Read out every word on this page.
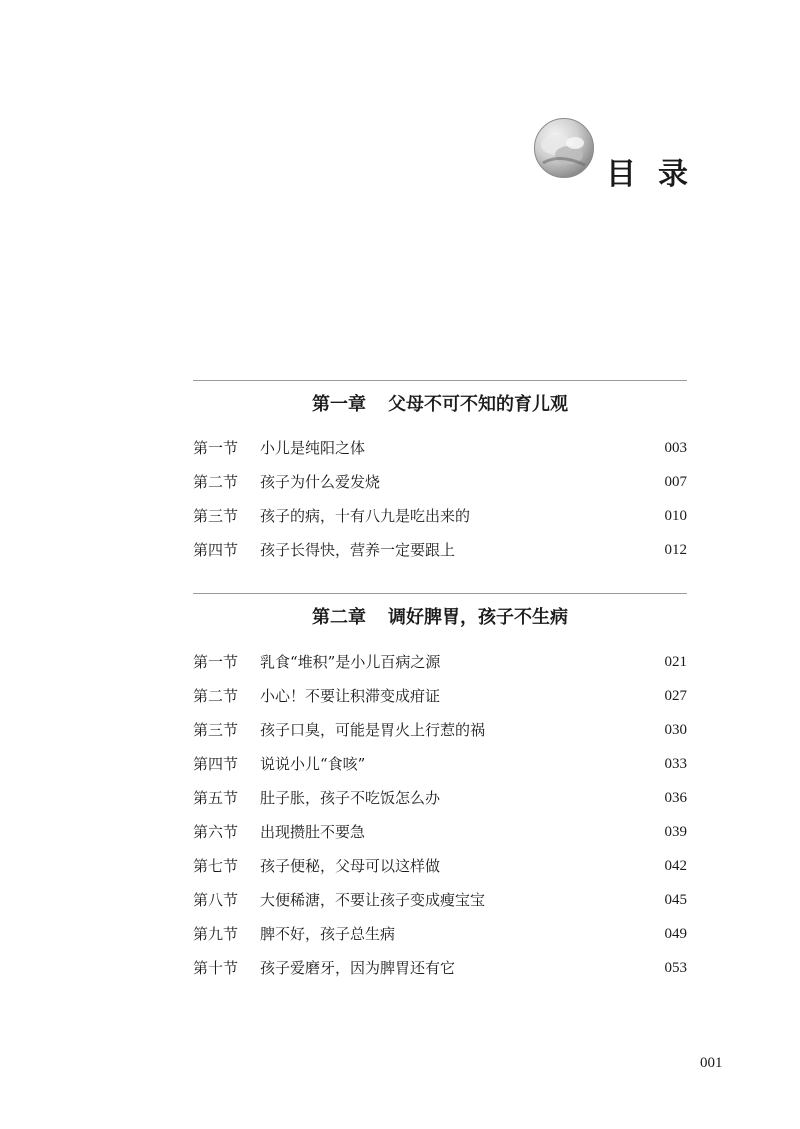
目录
第一章 父母不可不知的育儿观
第一节 小儿是纯阳之体	003
第二节 孩子为什么爱发烧	007
第三节 孩子的病，十有八九是吃出来的	010
第四节 孩子长得快，营养一定要跟上	012
第二章 调好脾胃，孩子不生病
第一节 乳食“堆积”是小儿百病之源	021
第二节 小心！不要让积滞变成疳证	027
第三节 孩子口臭，可能是胃火上行惹的祸	030
第四节 说说小儿“食咳”	033
第五节 肚子胀，孩子不吃饭怎么办	036
第六节 出现攒肚不要急	039
第七节 孩子便秘，父母可以这样做	042
第八节 大便稀溏，不要让孩子变成瘦宝宝	045
第九节 脾不好，孩子总生病	049
第十节 孩子爱磨牙，因为脾胃还有它	053
001
